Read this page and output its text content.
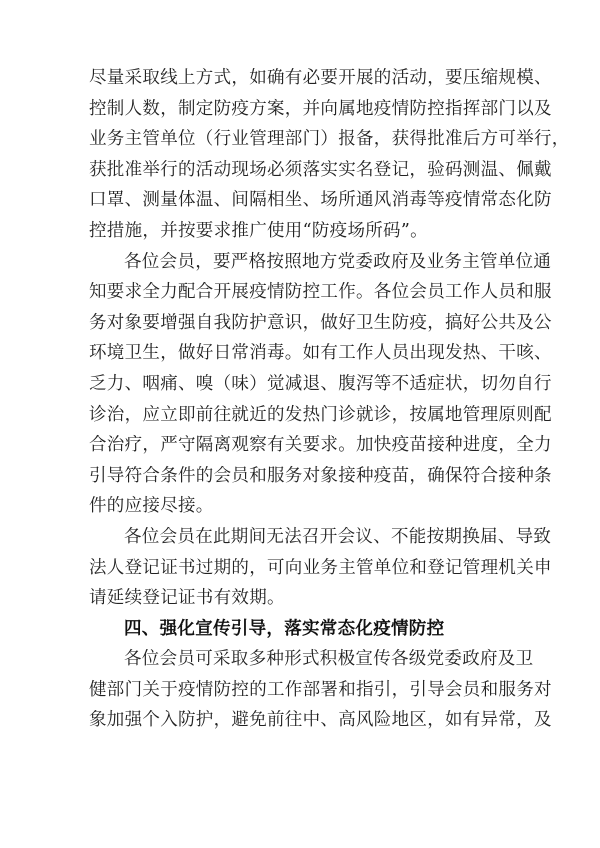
尽量采取线上方式，如确有必要开展的活动，要压缩规模、
控制人数，制定防疫方案，并向属地疫情防控指挥部门以及
业务主管单位（行业管理部门）报备，获得批准后方可举行，
获批准举行的活动现场必须落实实名登记，验码测温、佩戴
口罩、测量体温、间隔相坐、场所通风消毒等疫情常态化防
控措施，并按要求推广使用“防疫场所码”。

各位会员，要严格按照地方党委政府及业务主管单位通
知要求全力配合开展疫情防控工作。各位会员工作人员和服
务对象要增强自我防护意识，做好卫生防疫，搞好公共及公
环境卫生，做好日常消毒。如有工作人员出现发热、干咳、
乏力、咽痛、嗅（味）觉减退、腹泻等不适症状，切勿自行
诊治，应立即前往就近的发热门诊就诊，按属地管理原则配
合治疗，严守隔离观察有关要求。加快疫苗接种进度，全力
引导符合条件的会员和服务对象接种疫苗，确保符合接种条
件的应接尽接。

各位会员在此期间无法召开会议、不能按期换届、导致
法人登记证书过期的，可向业务主管单位和登记管理机关申
请延续登记证书有效期。

四、强化宣传引导，落实常态化疫情防控

各位会员可采取多种形式积极宣传各级党委政府及卫
健部门关于疫情防控的工作部署和指引，引导会员和服务对
象加强个入防护，避免前往中、高风险地区，如有异常，及
